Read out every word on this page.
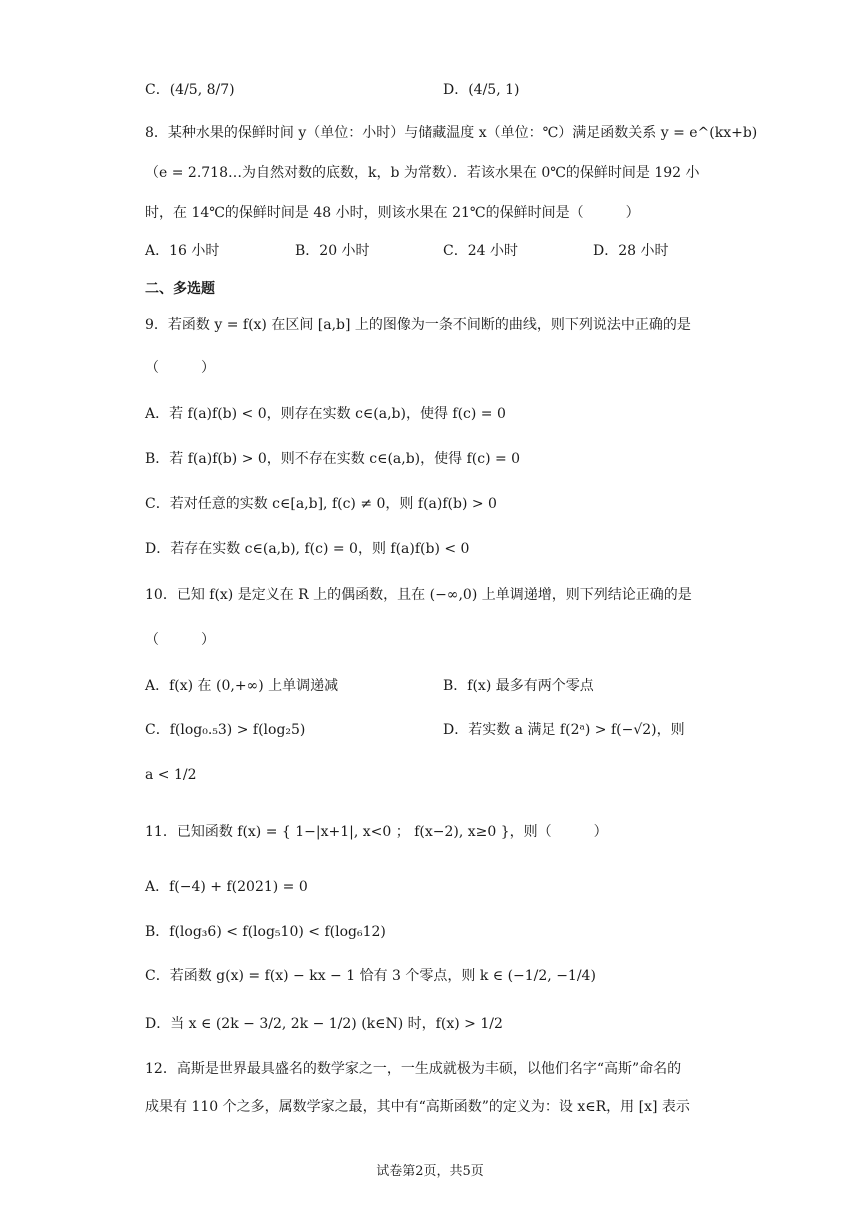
C．(4/5, 8/7)	D．(4/5, 1)
8．某种水果的保鲜时间 y（单位：小时）与储藏温度 x（单位：℃）满足函数关系 y = e^(kx+b)
（e = 2.718…为自然对数的底数，k，b 为常数）．若该水果在 0℃的保鲜时间是 192 小
时，在 14℃的保鲜时间是 48 小时，则该水果在 21℃的保鲜时间是（　　　）
A．16 小时	B．20 小时	C．24 小时	D．28 小时
二、多选题
9．若函数 y = f(x) 在区间 [a,b] 上的图像为一条不间断的曲线，则下列说法中正确的是
（　　　）
A．若 f(a)f(b) < 0，则存在实数 c∈(a,b)，使得 f(c) = 0
B．若 f(a)f(b) > 0，则不存在实数 c∈(a,b)，使得 f(c) = 0
C．若对任意的实数 c∈[a,b], f(c) ≠ 0，则 f(a)f(b) > 0
D．若存在实数 c∈(a,b), f(c) = 0，则 f(a)f(b) < 0
10．已知 f(x) 是定义在 R 上的偶函数，且在 (−∞,0) 上单调递增，则下列结论正确的是
（　　　）
A．f(x) 在 (0,+∞) 上单调递减	B．f(x) 最多有两个零点
C．f(log₀.₅3) > f(log₂5)	D．若实数 a 满足 f(2ᵃ) > f(−√2)，则
a < 1/2
11．已知函数 f(x) = { 1−|x+1|, x<0 ； f(x−2), x≥0 }，则（　　　）
A．f(−4) + f(2021) = 0
B．f(log₃6) < f(log₅10) < f(log₆12)
C．若函数 g(x) = f(x) − kx − 1 恰有 3 个零点，则 k ∈ (−1/2, −1/4)
D．当 x ∈ (2k − 3/2, 2k − 1/2) (k∈N) 时，f(x) > 1/2
12．高斯是世界最具盛名的数学家之一，一生成就极为丰硕，以他们名字“高斯”命名的
成果有 110 个之多，属数学家之最，其中有“高斯函数”的定义为：设 x∈R，用 [x] 表示
试卷第2页，共5页
